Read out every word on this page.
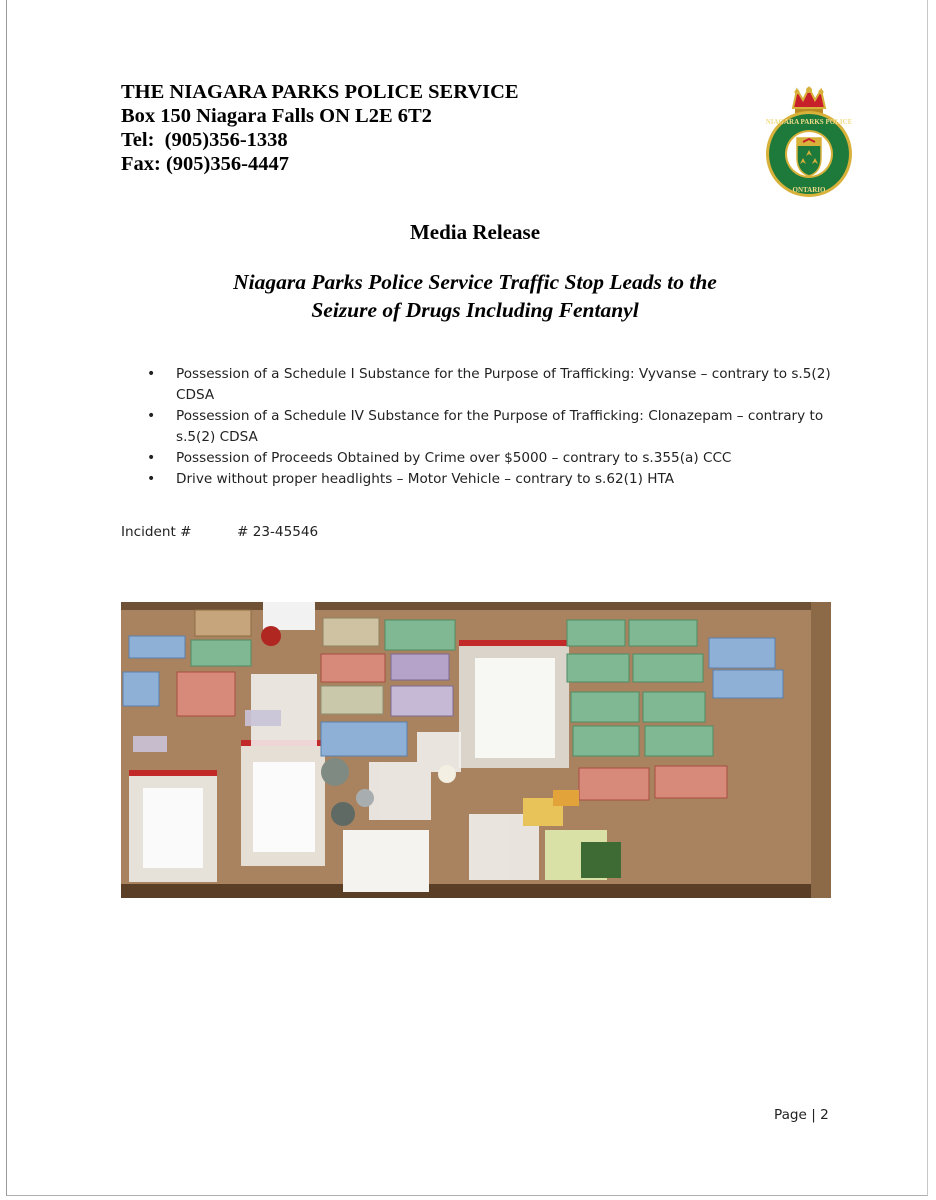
THE NIAGARA PARKS POLICE SERVICE
Box 150 Niagara Falls ON L2E 6T2
Tel:  (905)356-1338
Fax: (905)356-4447
NIAGARA PARKS POLICE
ONTARIO
Media Release
Niagara Parks Police Service Traffic Stop Leads to the
Seizure of Drugs Including Fentanyl
• Possession of a Schedule I Substance for the Purpose of Trafficking: Vyvanse – contrary to s.5(2) CDSA
• Possession of a Schedule IV Substance for the Purpose of Trafficking: Clonazepam – contrary to s.5(2) CDSA
• Possession of Proceeds Obtained by Crime over $5000 – contrary to s.355(a) CCC
• Drive without proper headlights – Motor Vehicle – contrary to s.62(1) HTA
Incident #	# 23-45546
Page | 2
